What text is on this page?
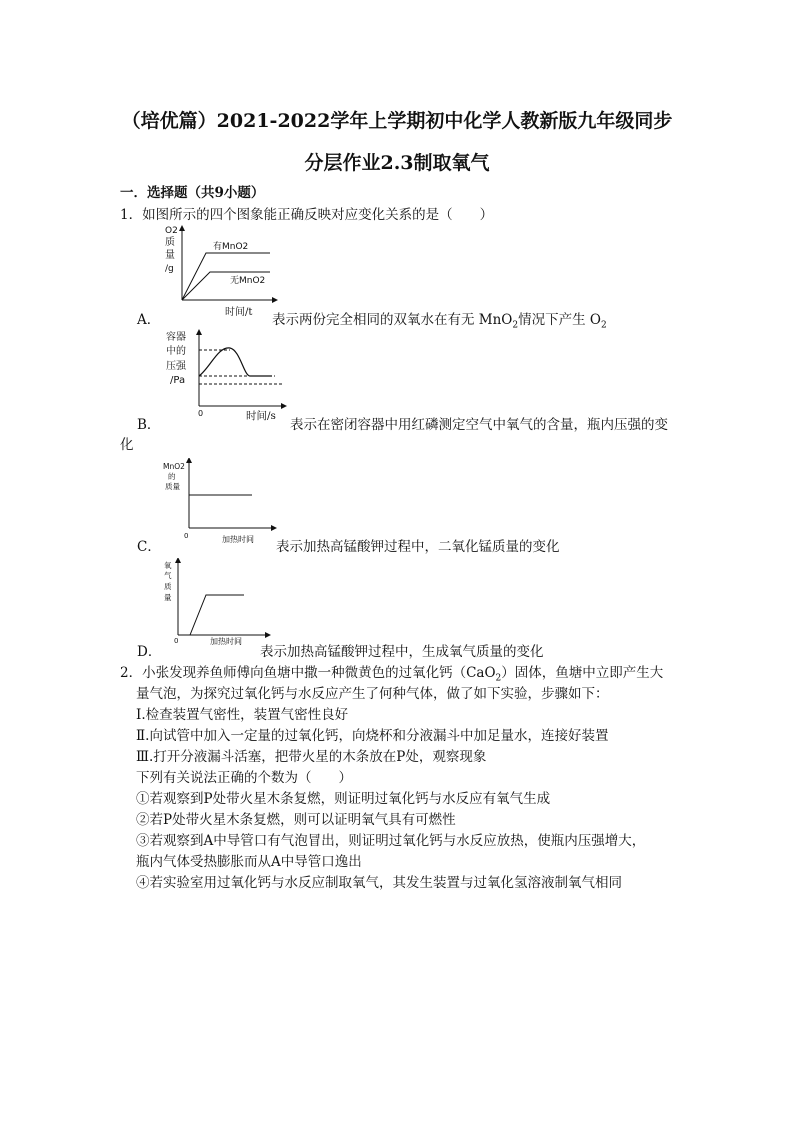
（培优篇）2021-2022学年上学期初中化学人教新版九年级同步
分层作业2.3制取氧气
一．选择题（共9小题）
1．如图所示的四个图象能正确反映对应变化关系的是（　　）
O2
质
量
/g
有MnO2
无MnO2
时间/t
A．	表示两份完全相同的双氧水在有无 MnO$_2$情况下产生 $O_2$
容器
中的
压强
/Pa
0	时间/s
B．	表示在密闭容器中用红磷测定空气中氧气的含量，瓶内压强的变
化
MnO2
的
质量
0	加热时间
C．	表示加热高锰酸钾过程中，二氧化锰质量的变化
氧
气
质
量
0	加热时间
D．	表示加热高锰酸钾过程中，生成氧气质量的变化
2．小张发现养鱼师傅向鱼塘中撒一种微黄色的过氧化钙（CaO$_2$）固体，鱼塘中立即产生大
量气泡，为探究过氧化钙与水反应产生了何种气体，做了如下实验，步骤如下：
Ⅰ.检查装置气密性，装置气密性良好
Ⅱ.向试管中加入一定量的过氧化钙，向烧杯和分液漏斗中加足量水，连接好装置
Ⅲ.打开分液漏斗活塞，把带火星的木条放在P处，观察现象
下列有关说法正确的个数为（　　）
①若观察到P处带火星木条复燃，则证明过氧化钙与水反应有氧气生成
②若P处带火星木条复燃，则可以证明氧气具有可燃性
③若观察到A中导管口有气泡冒出，则证明过氧化钙与水反应放热，使瓶内压强增大，
瓶内气体受热膨胀而从A中导管口逸出
④若实验室用过氧化钙与水反应制取氧气，其发生装置与过氧化氢溶液制氧气相同
